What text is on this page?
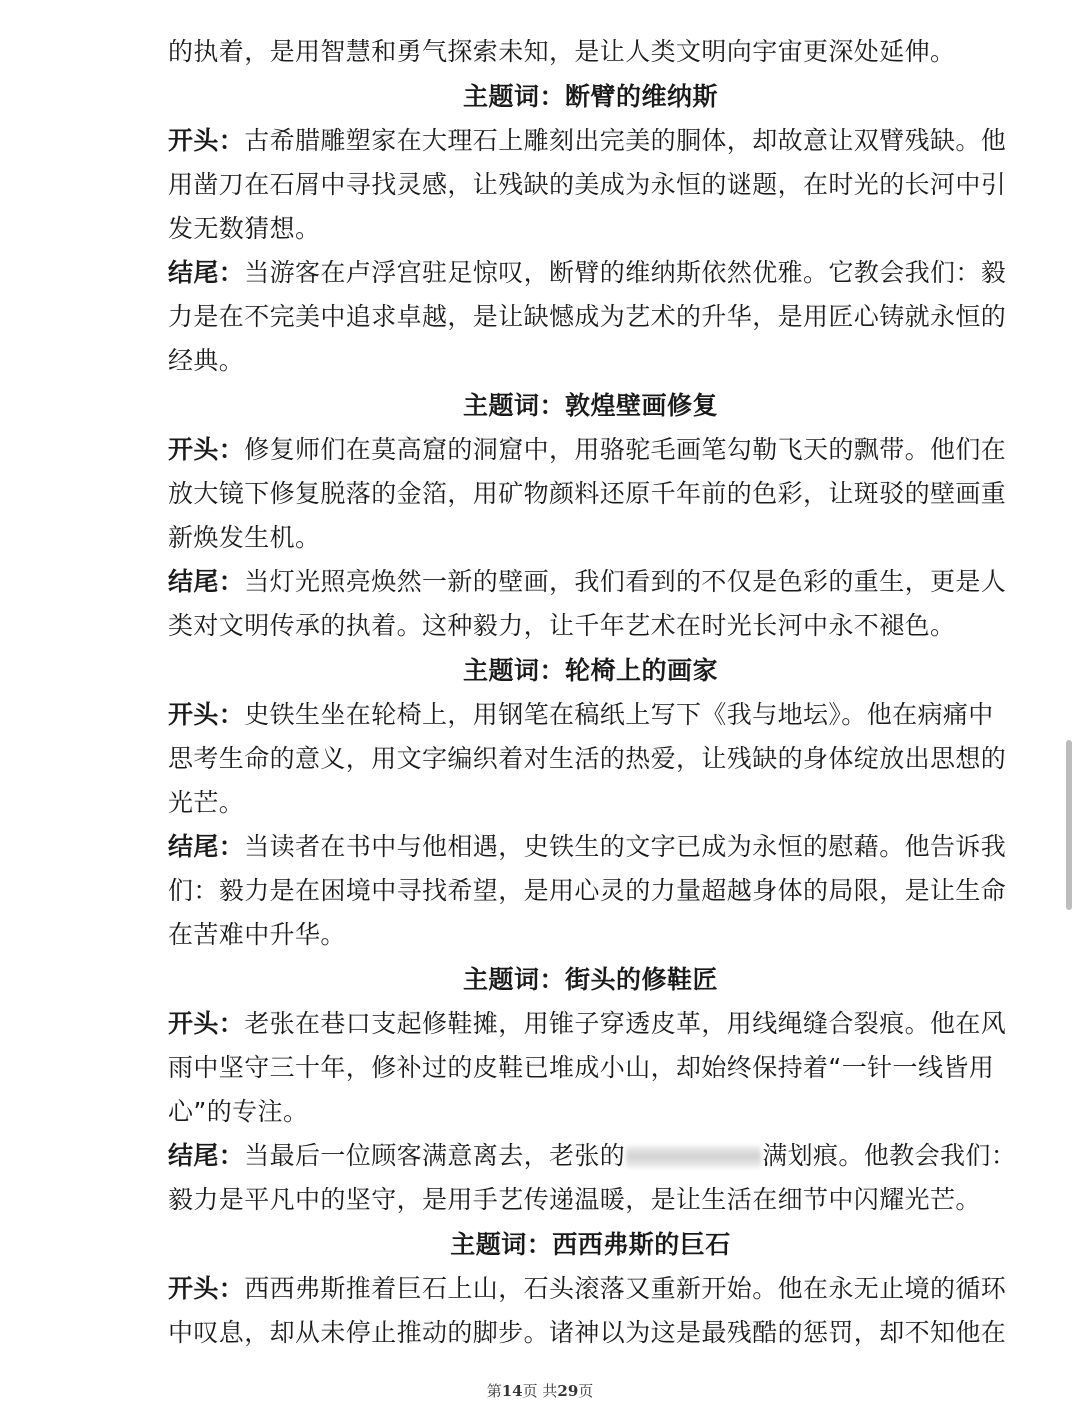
的执着，是用智慧和勇气探索未知，是让人类文明向宇宙更深处延伸。
主题词：断臂的维纳斯
开头：古希腊雕塑家在大理石上雕刻出完美的胴体，却故意让双臂残缺。他
用凿刀在石屑中寻找灵感，让残缺的美成为永恒的谜题，在时光的长河中引
发无数猜想。
结尾：当游客在卢浮宫驻足惊叹，断臂的维纳斯依然优雅。它教会我们：毅
力是在不完美中追求卓越，是让缺憾成为艺术的升华，是用匠心铸就永恒的
经典。
主题词：敦煌壁画修复
开头：修复师们在莫高窟的洞窟中，用骆驼毛画笔勾勒飞天的飘带。他们在
放大镜下修复脱落的金箔，用矿物颜料还原千年前的色彩，让斑驳的壁画重
新焕发生机。
结尾：当灯光照亮焕然一新的壁画，我们看到的不仅是色彩的重生，更是人
类对文明传承的执着。这种毅力，让千年艺术在时光长河中永不褪色。
主题词：轮椅上的画家
开头：史铁生坐在轮椅上，用钢笔在稿纸上写下《我与地坛》。他在病痛中
思考生命的意义，用文字编织着对生活的热爱，让残缺的身体绽放出思想的
光芒。
结尾：当读者在书中与他相遇，史铁生的文字已成为永恒的慰藉。他告诉我
们：毅力是在困境中寻找希望，是用心灵的力量超越身体的局限，是让生命
在苦难中升华。
主题词：街头的修鞋匠
开头：老张在巷口支起修鞋摊，用锥子穿透皮革，用线绳缝合裂痕。他在风
雨中坚守三十年，修补过的皮鞋已堆成小山，却始终保持着“一针一线皆用
心”的专注。
结尾：当最后一位顾客满意离去，老张的	满划痕。他教会我们：
毅力是平凡中的坚守，是用手艺传递温暖，是让生活在细节中闪耀光芒。
主题词：西西弗斯的巨石
开头：西西弗斯推着巨石上山，石头滚落又重新开始。他在永无止境的循环
中叹息，却从未停止推动的脚步。诸神以为这是最残酷的惩罚，却不知他在
第14页 共29页
